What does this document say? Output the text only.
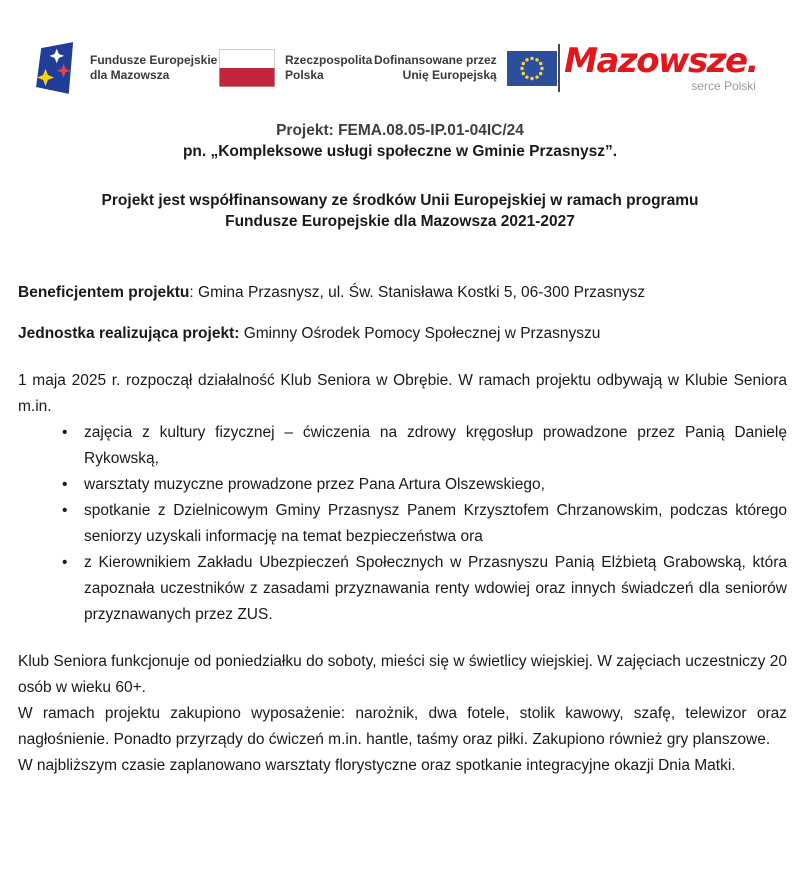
Fundusze Europejskie
dla Mazowsza
Rzeczpospolita
Polska
Dofinansowane przez
Unię Europejską Mazowsze.
serce Polski
Projekt: FEMA.08.05-IP.01-04IC/24
pn. „Kompleksowe usługi społeczne w Gminie Przasnysz”.
Projekt jest współfinansowany ze środków Unii Europejskiej w ramach programu
Fundusze Europejskie dla Mazowsza 2021-2027

Beneficjentem projektu: Gmina Przasnysz, ul. Św. Stanisława Kostki 5, 06-300 Przasnysz

Jednostka realizująca projekt: Gminny Ośrodek Pomocy Społecznej w Przasnyszu

1 maja 2025 r. rozpoczął działalność Klub Seniora w Obrębie. W ramach projektu odbywają w Klubie Seniora m.in.

• zajęcia z kultury fizycznej – ćwiczenia na zdrowy kręgosłup prowadzone przez Panią Danielę Rykowską,
• warsztaty muzyczne prowadzone przez Pana Artura Olszewskiego,
• spotkanie z Dzielnicowym Gminy Przasnysz Panem Krzysztofem Chrzanowskim, podczas którego seniorzy uzyskali informację na temat bezpieczeństwa ora
• z Kierownikiem Zakładu Ubezpieczeń Społecznych w Przasnyszu Panią Elżbietą Grabowską, która zapoznała uczestników z zasadami przyznawania renty wdowiej oraz innych świadczeń dla seniorów przyznawanych przez ZUS.

Klub Seniora funkcjonuje od poniedziałku do soboty, mieści się w świetlicy wiejskiej. W zajęciach uczestniczy 20 osób w wieku 60+.

W ramach projektu zakupiono wyposażenie: narożnik, dwa fotele, stolik kawowy, szafę, telewizor oraz nagłośnienie. Ponadto przyrządy do ćwiczeń m.in. hantle, taśmy oraz piłki. Zakupiono również gry planszowe.

W najbliższym czasie zaplanowano warsztaty florystyczne oraz spotkanie integracyjne okazji Dnia Matki.
